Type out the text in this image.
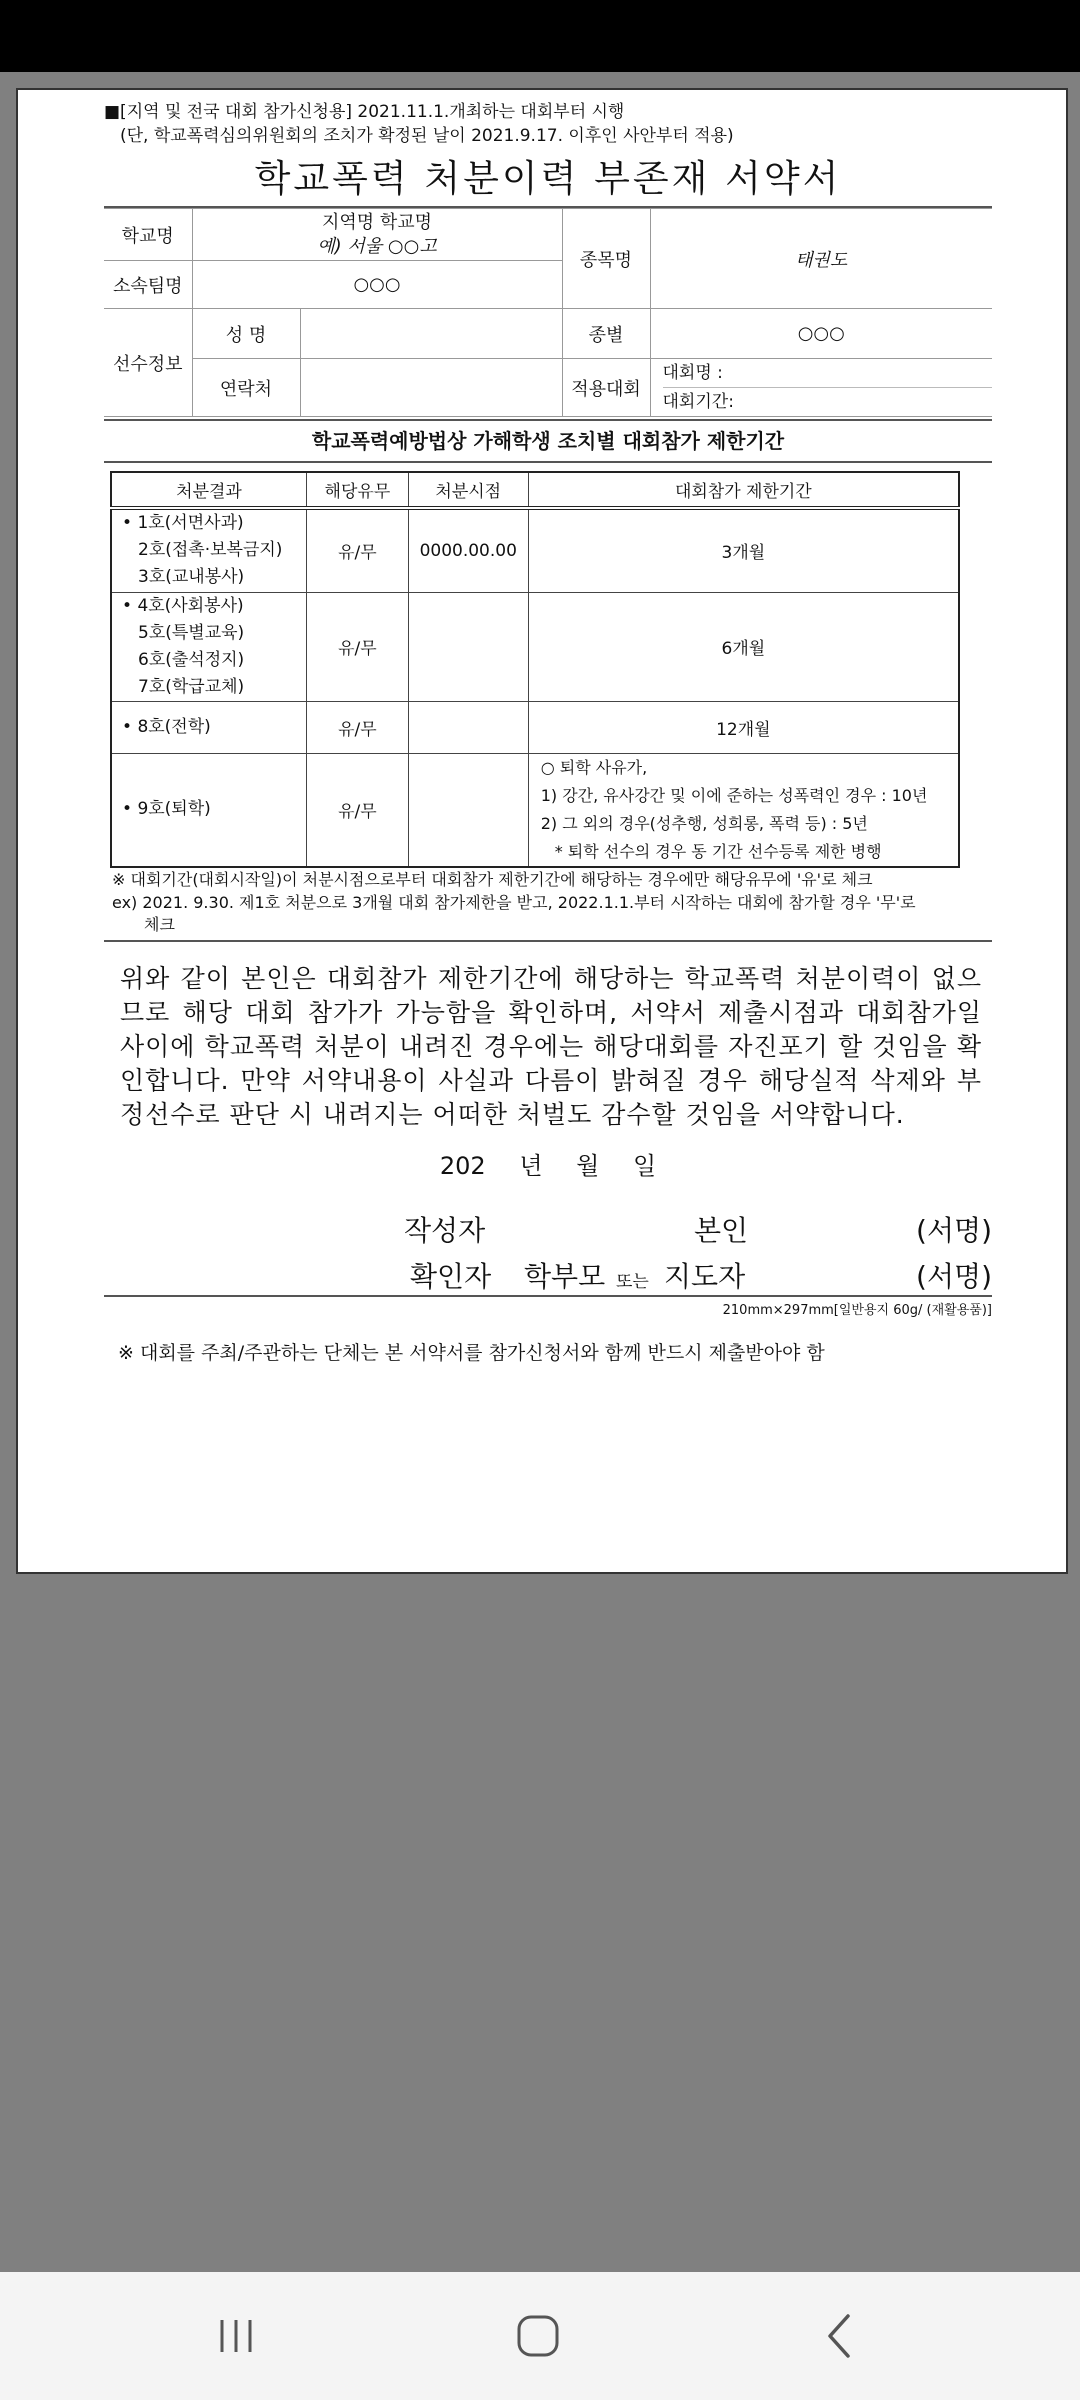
■[지역 및 전국 대회 참가신청용] 2021.11.1.개최하는 대회부터 시행
(단, 학교폭력심의위원회의 조치가 확정된 날이 2021.9.17. 이후인 사안부터 적용)
학교폭력 처분이력 부존재 서약서
학교명	지역명 학교명
예) 서울 ○○고		종목명	태권도
소속팀명	○○○			
선수정보	성 명		종별	○○○
	연락처		적용대회	대회명 :
대회기간:
학교폭력예방법상 가해학생 조치별 대회참가 제한기간
처분결과	해당유무	처분시점	대회참가 제한기간

• 1호(서면사과)
2호(접촉·보복금지)
3호(교내봉사)	유/무	0000.00.00	3개월

• 4호(사회봉사)
5호(특별교육)
6호(출석정지)
7호(학급교체)	유/무		6개월

• 8호(전학)	유/무		12개월

• 9호(퇴학)	유/무		○ 퇴학 사유가,
1) 강간, 유사강간 및 이에 준하는 성폭력인 경우 : 10년
2) 그 외의 경우(성추행, 성희롱, 폭력 등) : 5년
* 퇴학 선수의 경우 동 기간 선수등록 제한 병행
※ 대회기간(대회시작일)이 처분시점으로부터 대회참가 제한기간에 해당하는 경우에만 해당유무에 '유'로 체크
ex) 2021. 9.30. 제1호 처분으로 3개월 대회 참가제한을 받고, 2022.1.1.부터 시작하는 대회에 참가할 경우 '무'로
체크
위와 같이 본인은 대회참가 제한기간에 해당하는 학교폭력 처분이력이 없으므로 해당 대회 참가가 가능함을 확인하며, 서약서 제출시점과 대회참가일 사이에 학교폭력 처분이 내려진 경우에는 해당대회를 자진포기 할 것임을 확인합니다. 만약 서약내용이 사실과 다름이 밝혀질 경우 해당실적 삭제와 부정선수로 판단 시 내려지는 어떠한 처벌도 감수할 것임을 서약합니다.
202 년 월 일
작성자	본인	(서명)
확인자 학부모 또는 지도자	(서명)
210mm×297mm[일반용지 60g/ (재활용품)]
※ 대회를 주최/주관하는 단체는 본 서약서를 참가신청서와 함께 반드시 제출받아야 함
